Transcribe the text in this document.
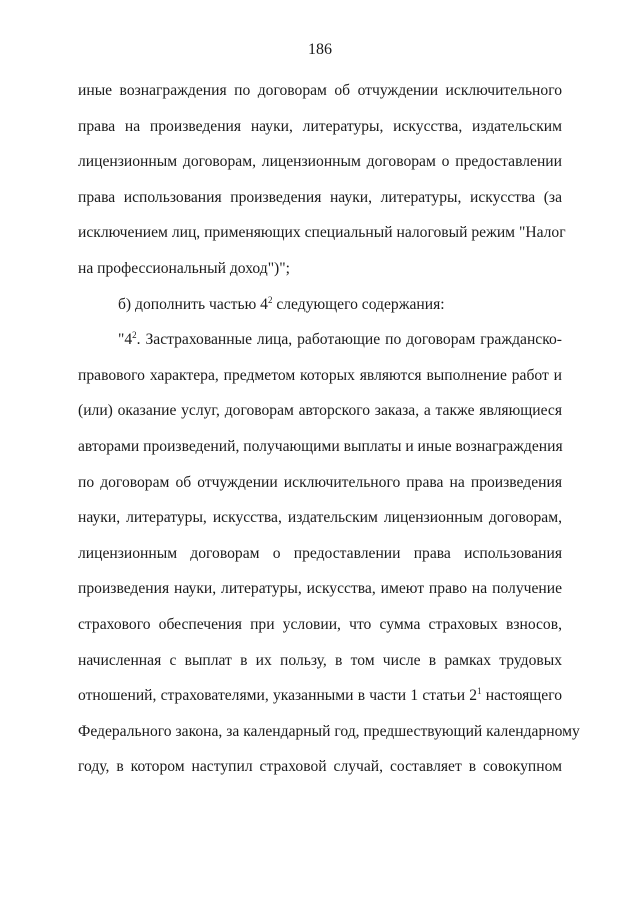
186
иные вознаграждения по договорам об отчуждении исключительного
права на произведения науки, литературы, искусства, издательским
лицензионным договорам, лицензионным договорам о предоставлении
права использования произведения науки, литературы, искусства (за
исключением лиц, применяющих специальный налоговый режим "Налог
на профессиональный доход")";
б) дополнить частью $4^2$ следующего содержания:
"$4^2$. Застрахованные лица, работающие по договорам гражданско-
правового характера, предметом которых являются выполнение работ и
(или) оказание услуг, договорам авторского заказа, а также являющиеся
авторами произведений, получающими выплаты и иные вознаграждения
по договорам об отчуждении исключительного права на произведения
науки, литературы, искусства, издательским лицензионным договорам,
лицензионным договорам о предоставлении права использования
произведения науки, литературы, искусства, имеют право на получение
страхового обеспечения при условии, что сумма страховых взносов,
начисленная с выплат в их пользу, в том числе в рамках трудовых
отношений, страхователями, указанными в части 1 статьи $2^1$ настоящего
Федерального закона, за календарный год, предшествующий календарному
году, в котором наступил страховой случай, составляет в совокупном
